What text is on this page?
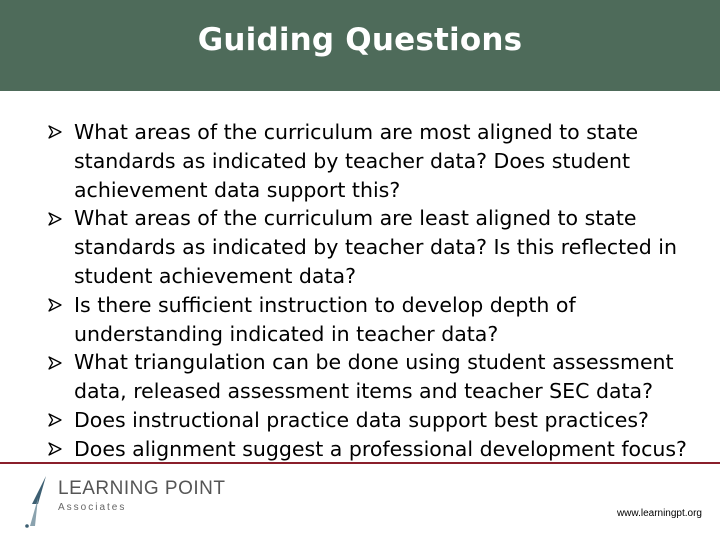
Guiding Questions
What areas of the curriculum are most aligned to state standards as indicated by teacher data? Does student achievement data support this?
What areas of the curriculum are least aligned to state standards as indicated by teacher data? Is this reflected in student achievement data?
Is there sufficient instruction to develop depth of understanding indicated in teacher data?
What triangulation can be done using student assessment data, released assessment items and teacher SEC data?
Does instructional practice data support best practices?
Does alignment suggest a professional development focus?
LEARNING POINT
Associates
www.learningpt.org
